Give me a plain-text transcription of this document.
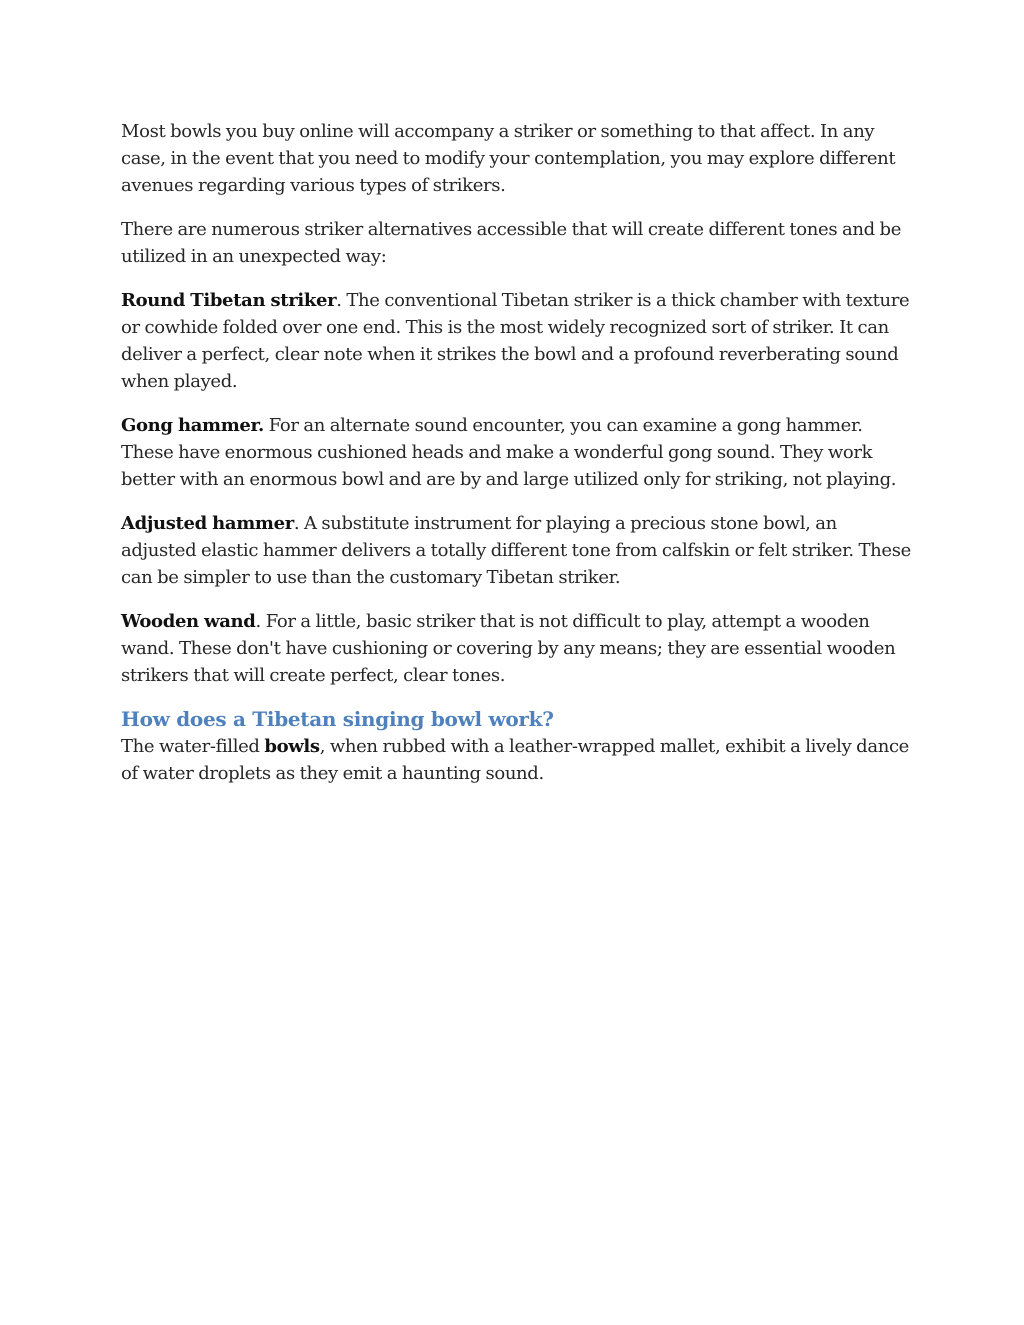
Most bowls you buy online will accompany a striker or something to that affect. In any case, in the event that you need to modify your contemplation, you may explore different avenues regarding various types of strikers.

There are numerous striker alternatives accessible that will create different tones and be utilized in an unexpected way:

Round Tibetan striker. The conventional Tibetan striker is a thick chamber with texture or cowhide folded over one end. This is the most widely recognized sort of striker. It can deliver a perfect, clear note when it strikes the bowl and a profound reverberating sound when played.

Gong hammer. For an alternate sound encounter, you can examine a gong hammer. These have enormous cushioned heads and make a wonderful gong sound. They work better with an enormous bowl and are by and large utilized only for striking, not playing.

Adjusted hammer. A substitute instrument for playing a precious stone bowl, an adjusted elastic hammer delivers a totally different tone from calfskin or felt striker. These can be simpler to use than the customary Tibetan striker.

Wooden wand. For a little, basic striker that is not difficult to play, attempt a wooden wand. These don't have cushioning or covering by any means; they are essential wooden strikers that will create perfect, clear tones.

How does a Tibetan singing bowl work?

The water-filled bowls, when rubbed with a leather-wrapped mallet, exhibit a lively dance of water droplets as they emit a haunting sound.
